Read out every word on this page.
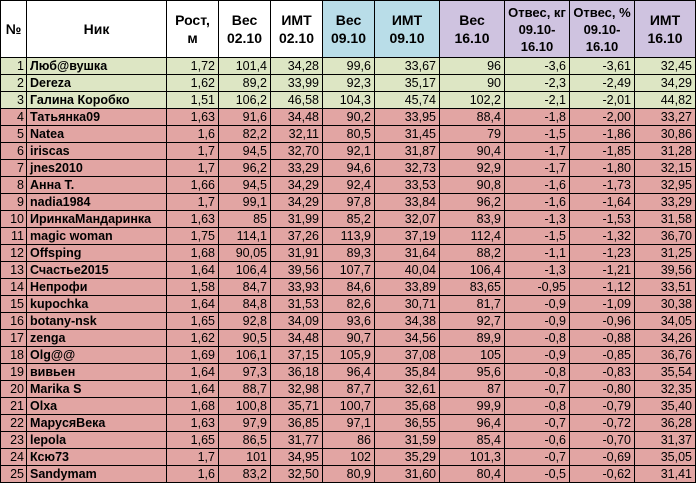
№	Ник	Рост, м	Вес 02.10	ИМТ 02.10	Вес 09.10	ИМТ 09.10	Вес 16.10	Отвес, кг 09.10-16.10	Отвес, % 09.10-16.10	ИМТ 16.10
1	Люб@вушка	1,72	101,4	34,28	99,6	33,67	96	-3,6	-3,61	32,45
2	Dereza	1,62	89,2	33,99	92,3	35,17	90	-2,3	-2,49	34,29
3	Галина Коробко	1,51	106,2	46,58	104,3	45,74	102,2	-2,1	-2,01	44,82
4	Татьянка09	1,63	91,6	34,48	90,2	33,95	88,4	-1,8	-2,00	33,27
5	Natea	1,6	82,2	32,11	80,5	31,45	79	-1,5	-1,86	30,86
6	iriscas	1,7	94,5	32,70	92,1	31,87	90,4	-1,7	-1,85	31,28
7	jnes2010	1,7	96,2	33,29	94,6	32,73	92,9	-1,7	-1,80	32,15
8	Анна Т.	1,66	94,5	34,29	92,4	33,53	90,8	-1,6	-1,73	32,95
9	nadia1984	1,7	99,1	34,29	97,8	33,84	96,2	-1,6	-1,64	33,29
10	ИринкаМандаринка	1,63	85	31,99	85,2	32,07	83,9	-1,3	-1,53	31,58
11	magic woman	1,75	114,1	37,26	113,9	37,19	112,4	-1,5	-1,32	36,70
12	Offsping	1,68	90,05	31,91	89,3	31,64	88,2	-1,1	-1,23	31,25
13	Счастье2015	1,64	106,4	39,56	107,7	40,04	106,4	-1,3	-1,21	39,56
14	Непрофи	1,58	84,7	33,93	84,6	33,89	83,65	-0,95	-1,12	33,51
15	kupochka	1,64	84,8	31,53	82,6	30,71	81,7	-0,9	-1,09	30,38
16	botany-nsk	1,65	92,8	34,09	93,6	34,38	92,7	-0,9	-0,96	34,05
17	zenga	1,62	90,5	34,48	90,7	34,56	89,9	-0,8	-0,88	34,26
18	Olg@@	1,69	106,1	37,15	105,9	37,08	105	-0,9	-0,85	36,76
19	вивьен	1,64	97,3	36,18	96,4	35,84	95,6	-0,8	-0,83	35,54
20	Marika S	1,64	88,7	32,98	87,7	32,61	87	-0,7	-0,80	32,35
21	Olxa	1,68	100,8	35,71	100,7	35,68	99,9	-0,8	-0,79	35,40
22	МаруcяВека	1,63	97,9	36,85	97,1	36,55	96,4	-0,7	-0,72	36,28
23	lepola	1,65	86,5	31,77	86	31,59	85,4	-0,6	-0,70	31,37
24	Ксю73	1,7	101	34,95	102	35,29	101,3	-0,7	-0,69	35,05
25	Sandymam	1,6	83,2	32,50	80,9	31,60	80,4	-0,5	-0,62	31,41
